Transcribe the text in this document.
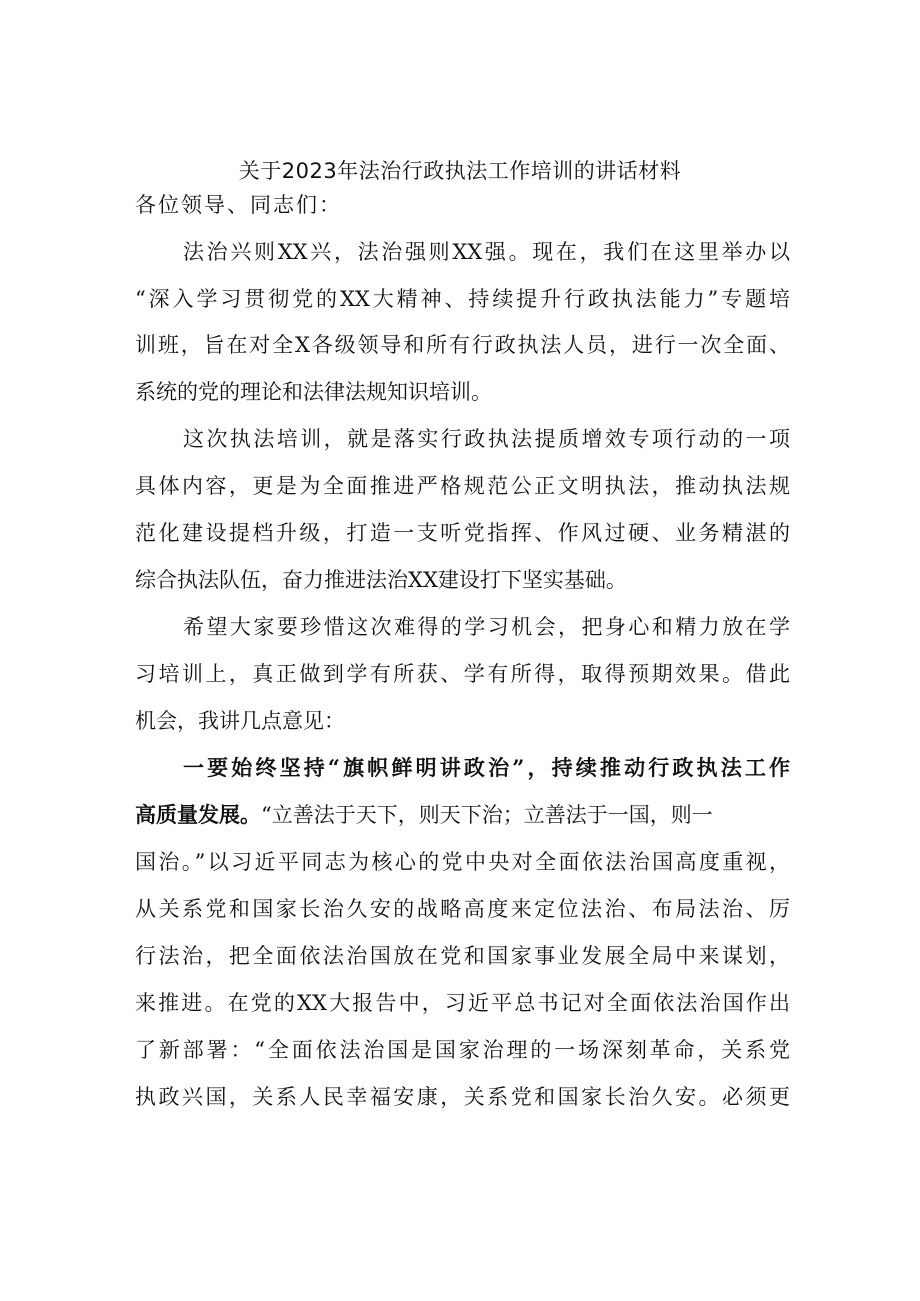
关于2023年法治行政执法工作培训的讲话材料
各位领导、同志们：
法治兴则XX兴，法治强则XX强。现在，我们在这里举办以
“深入学习贯彻党的XX大精神、持续提升行政执法能力”专题培
训班，旨在对全X各级领导和所有行政执法人员，进行一次全面、
系统的党的理论和法律法规知识培训。
这次执法培训，就是落实行政执法提质增效专项行动的一项
具体内容，更是为全面推进严格规范公正文明执法，推动执法规
范化建设提档升级，打造一支听党指挥、作风过硬、业务精湛的
综合执法队伍，奋力推进法治XX建设打下坚实基础。
希望大家要珍惜这次难得的学习机会，把身心和精力放在学
习培训上，真正做到学有所获、学有所得，取得预期效果。借此
机会，我讲几点意见：
一要始终坚持“旗帜鲜明讲政治”，持续推动行政执法工作
高质量发展。“立善法于天下，则天下治；立善法于一国，则一
国治。”以习近平同志为核心的党中央对全面依法治国高度重视，
从关系党和国家长治久安的战略高度来定位法治、布局法治、厉
行法治，把全面依法治国放在党和国家事业发展全局中来谋划，
来推进。在党的XX大报告中，习近平总书记对全面依法治国作出
了新部署：“全面依法治国是国家治理的一场深刻革命，关系党
执政兴国，关系人民幸福安康，关系党和国家长治久安。必须更
